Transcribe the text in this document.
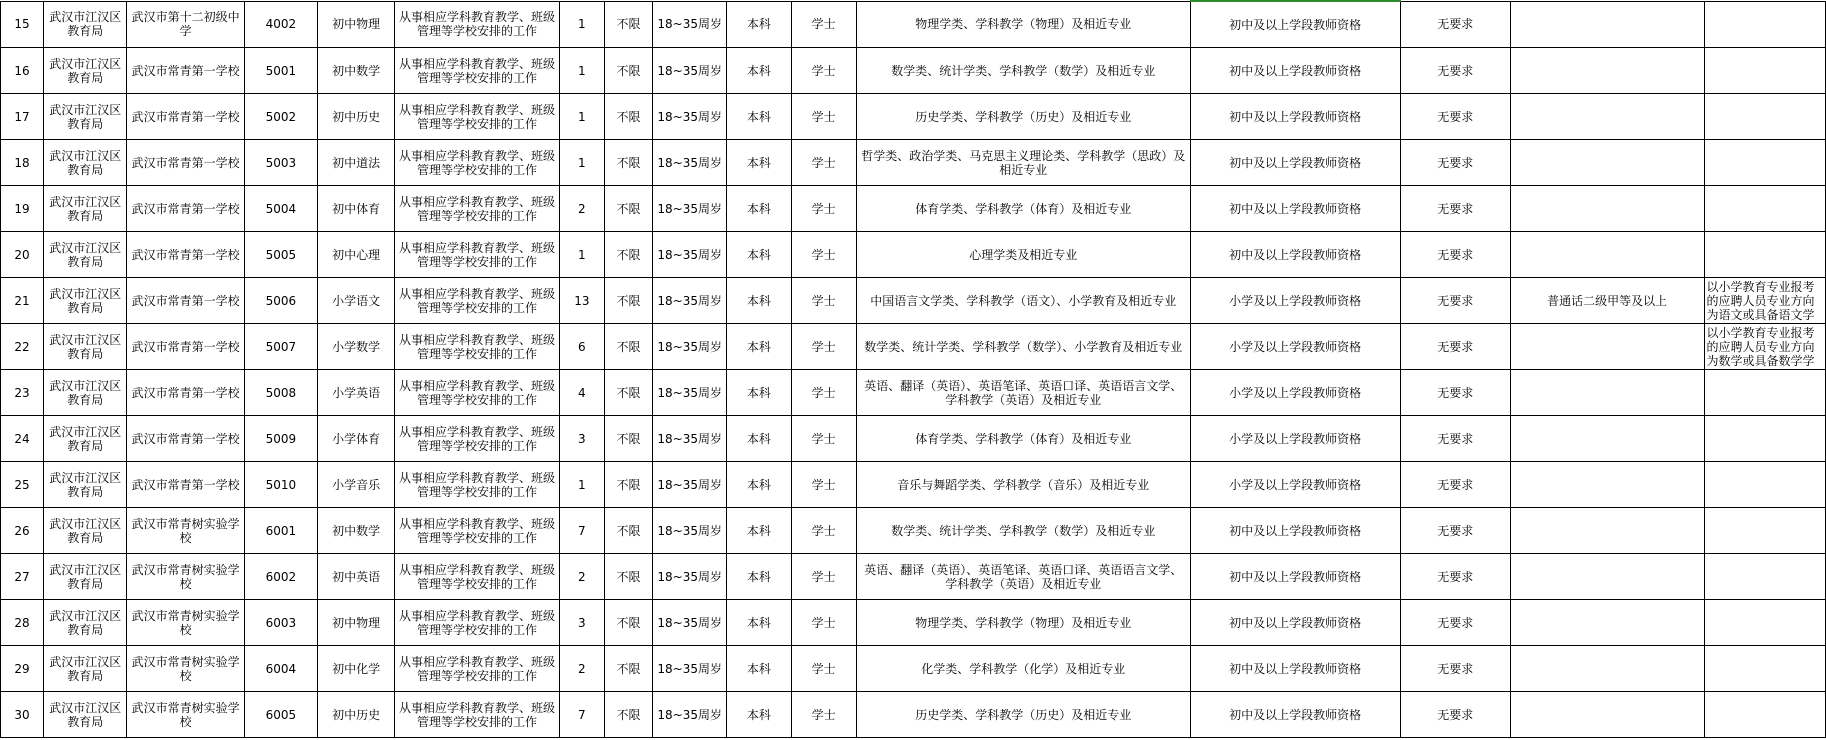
15	武汉市江汉区教育局	武汉市第十二初级中学	4002	初中物理	从事相应学科教育教学、班级管理等学校安排的工作	1	不限	18~35周岁	本科	学士	物理学类、学科教学（物理）及相近专业	初中及以上学段教师资格	无要求		
16	武汉市江汉区教育局	武汉市常青第一学校	5001	初中数学	从事相应学科教育教学、班级管理等学校安排的工作	1	不限	18~35周岁	本科	学士	数学类、统计学类、学科教学（数学）及相近专业	初中及以上学段教师资格	无要求		
17	武汉市江汉区教育局	武汉市常青第一学校	5002	初中历史	从事相应学科教育教学、班级管理等学校安排的工作	1	不限	18~35周岁	本科	学士	历史学类、学科教学（历史）及相近专业	初中及以上学段教师资格	无要求		
18	武汉市江汉区教育局	武汉市常青第一学校	5003	初中道法	从事相应学科教育教学、班级管理等学校安排的工作	1	不限	18~35周岁	本科	学士	哲学类、政治学类、马克思主义理论类、学科教学（思政）及相近专业	初中及以上学段教师资格	无要求		
19	武汉市江汉区教育局	武汉市常青第一学校	5004	初中体育	从事相应学科教育教学、班级管理等学校安排的工作	2	不限	18~35周岁	本科	学士	体育学类、学科教学（体育）及相近专业	初中及以上学段教师资格	无要求		
20	武汉市江汉区教育局	武汉市常青第一学校	5005	初中心理	从事相应学科教育教学、班级管理等学校安排的工作	1	不限	18~35周岁	本科	学士	心理学类及相近专业	初中及以上学段教师资格	无要求		
21	武汉市江汉区教育局	武汉市常青第一学校	5006	小学语文	从事相应学科教育教学、班级管理等学校安排的工作	13	不限	18~35周岁	本科	学士	中国语言文学类、学科教学（语文）、小学教育及相近专业	小学及以上学段教师资格	无要求	普通话二级甲等及以上	以小学教育专业报考的应聘人员专业方向为语文或具备语文学
22	武汉市江汉区教育局	武汉市常青第一学校	5007	小学数学	从事相应学科教育教学、班级管理等学校安排的工作	6	不限	18~35周岁	本科	学士	数学类、统计学类、学科教学（数学）、小学教育及相近专业	小学及以上学段教师资格	无要求		以小学教育专业报考的应聘人员专业方向为数学或具备数学学
23	武汉市江汉区教育局	武汉市常青第一学校	5008	小学英语	从事相应学科教育教学、班级管理等学校安排的工作	4	不限	18~35周岁	本科	学士	英语、翻译（英语）、英语笔译、英语口译、英语语言文学、学科教学（英语）及相近专业	小学及以上学段教师资格	无要求		
24	武汉市江汉区教育局	武汉市常青第一学校	5009	小学体育	从事相应学科教育教学、班级管理等学校安排的工作	3	不限	18~35周岁	本科	学士	体育学类、学科教学（体育）及相近专业	小学及以上学段教师资格	无要求		
25	武汉市江汉区教育局	武汉市常青第一学校	5010	小学音乐	从事相应学科教育教学、班级管理等学校安排的工作	1	不限	18~35周岁	本科	学士	音乐与舞蹈学类、学科教学（音乐）及相近专业	小学及以上学段教师资格	无要求		
26	武汉市江汉区教育局	武汉市常青树实验学校	6001	初中数学	从事相应学科教育教学、班级管理等学校安排的工作	7	不限	18~35周岁	本科	学士	数学类、统计学类、学科教学（数学）及相近专业	初中及以上学段教师资格	无要求		
27	武汉市江汉区教育局	武汉市常青树实验学校	6002	初中英语	从事相应学科教育教学、班级管理等学校安排的工作	2	不限	18~35周岁	本科	学士	英语、翻译（英语）、英语笔译、英语口译、英语语言文学、学科教学（英语）及相近专业	初中及以上学段教师资格	无要求		
28	武汉市江汉区教育局	武汉市常青树实验学校	6003	初中物理	从事相应学科教育教学、班级管理等学校安排的工作	3	不限	18~35周岁	本科	学士	物理学类、学科教学（物理）及相近专业	初中及以上学段教师资格	无要求		
29	武汉市江汉区教育局	武汉市常青树实验学校	6004	初中化学	从事相应学科教育教学、班级管理等学校安排的工作	2	不限	18~35周岁	本科	学士	化学类、学科教学（化学）及相近专业	初中及以上学段教师资格	无要求		
30	武汉市江汉区教育局	武汉市常青树实验学校	6005	初中历史	从事相应学科教育教学、班级管理等学校安排的工作	7	不限	18~35周岁	本科	学士	历史学类、学科教学（历史）及相近专业	初中及以上学段教师资格	无要求		
